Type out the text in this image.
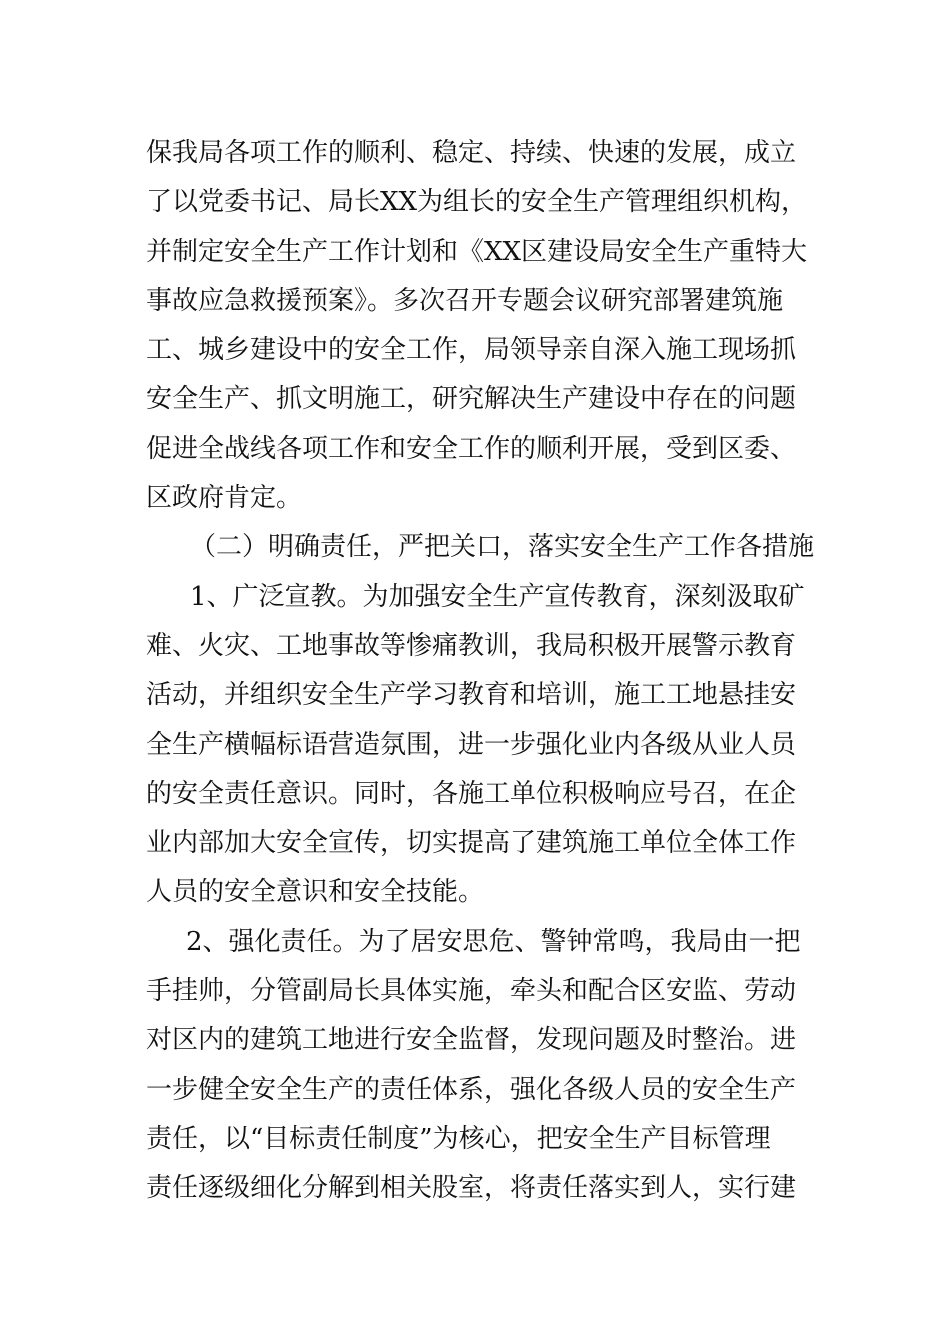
保我局各项工作的顺利、稳定、持续、快速的发展，成立
了以党委书记、局长XX为组长的安全生产管理组织机构，
并制定安全生产工作计划和《XX区建设局安全生产重特大
事故应急救援预案》。多次召开专题会议研究部署建筑施
工、城乡建设中的安全工作，局领导亲自深入施工现场抓
安全生产、抓文明施工，研究解决生产建设中存在的问题
促进全战线各项工作和安全工作的顺利开展，受到区委、
区政府肯定。
（二）明确责任，严把关口，落实安全生产工作各措施
1、广泛宣教。为加强安全生产宣传教育，深刻汲取矿
难、火灾、工地事故等惨痛教训，我局积极开展警示教育
活动，并组织安全生产学习教育和培训，施工工地悬挂安
全生产横幅标语营造氛围，进一步强化业内各级从业人员
的安全责任意识。同时，各施工单位积极响应号召，在企
业内部加大安全宣传，切实提高了建筑施工单位全体工作
人员的安全意识和安全技能。
2、强化责任。为了居安思危、警钟常鸣，我局由一把
手挂帅，分管副局长具体实施，牵头和配合区安监、劳动
对区内的建筑工地进行安全监督，发现问题及时整治。进
一步健全安全生产的责任体系，强化各级人员的安全生产
责任，以“目标责任制度”为核心，把安全生产目标管理
责任逐级细化分解到相关股室，将责任落实到人，实行建
